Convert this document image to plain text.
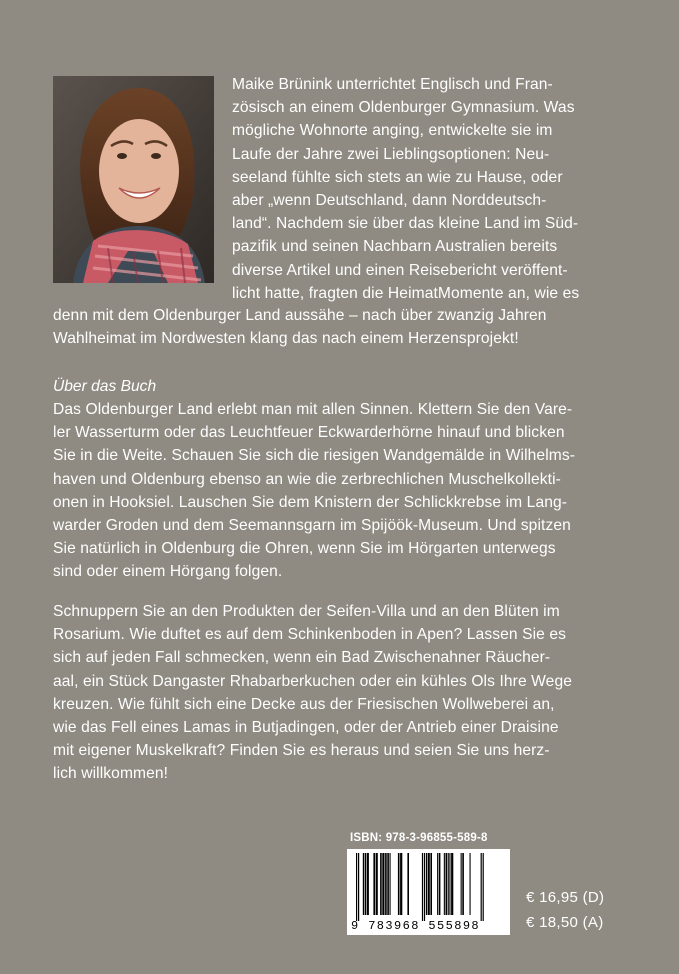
Maike Brünink unterrichtet Englisch und Fran-
zösisch an einem Oldenburger Gymnasium. Was
mögliche Wohnorte anging, entwickelte sie im
Laufe der Jahre zwei Lieblingsoptionen: Neu-
seeland fühlte sich stets an wie zu Hause, oder
aber „wenn Deutschland, dann Norddeutsch-
land“. Nachdem sie über das kleine Land im Süd-
pazifik und seinen Nachbarn Australien bereits
diverse Artikel und einen Reisebericht veröffent-
licht hatte, fragten die HeimatMomente an, wie es
denn mit dem Oldenburger Land aussähe – nach über zwanzig Jahren
Wahlheimat im Nordwesten klang das nach einem Herzensprojekt!
Über das Buch
Das Oldenburger Land erlebt man mit allen Sinnen. Klettern Sie den Vare-
ler Wasserturm oder das Leuchtfeuer Eckwarderhörne hinauf und blicken
Sie in die Weite. Schauen Sie sich die riesigen Wandgemälde in Wilhelms-
haven und Oldenburg ebenso an wie die zerbrechlichen Muschelkollekti-
onen in Hooksiel. Lauschen Sie dem Knistern der Schlickkrebse im Lang-
warder Groden und dem Seemannsgarn im Spijöök-Museum. Und spitzen
Sie natürlich in Oldenburg die Ohren, wenn Sie im Hörgarten unterwegs
sind oder einem Hörgang folgen.
Schnuppern Sie an den Produkten der Seifen-Villa und an den Blüten im
Rosarium. Wie duftet es auf dem Schinkenboden in Apen? Lassen Sie es
sich auf jeden Fall schmecken, wenn ein Bad Zwischenahner Räucher-
aal, ein Stück Dangaster Rhabarberkuchen oder ein kühles Ols Ihre Wege
kreuzen. Wie fühlt sich eine Decke aus der Friesischen Wollweberei an,
wie das Fell eines Lamas in Butjadingen, oder der Antrieb einer Draisine
mit eigener Muskelkraft? Finden Sie es heraus und seien Sie uns herz-
lich willkommen!
ISBN: 978-3-96855-589-8
9 783968 555898
€ 16,95 (D)
€ 18,50 (A)
